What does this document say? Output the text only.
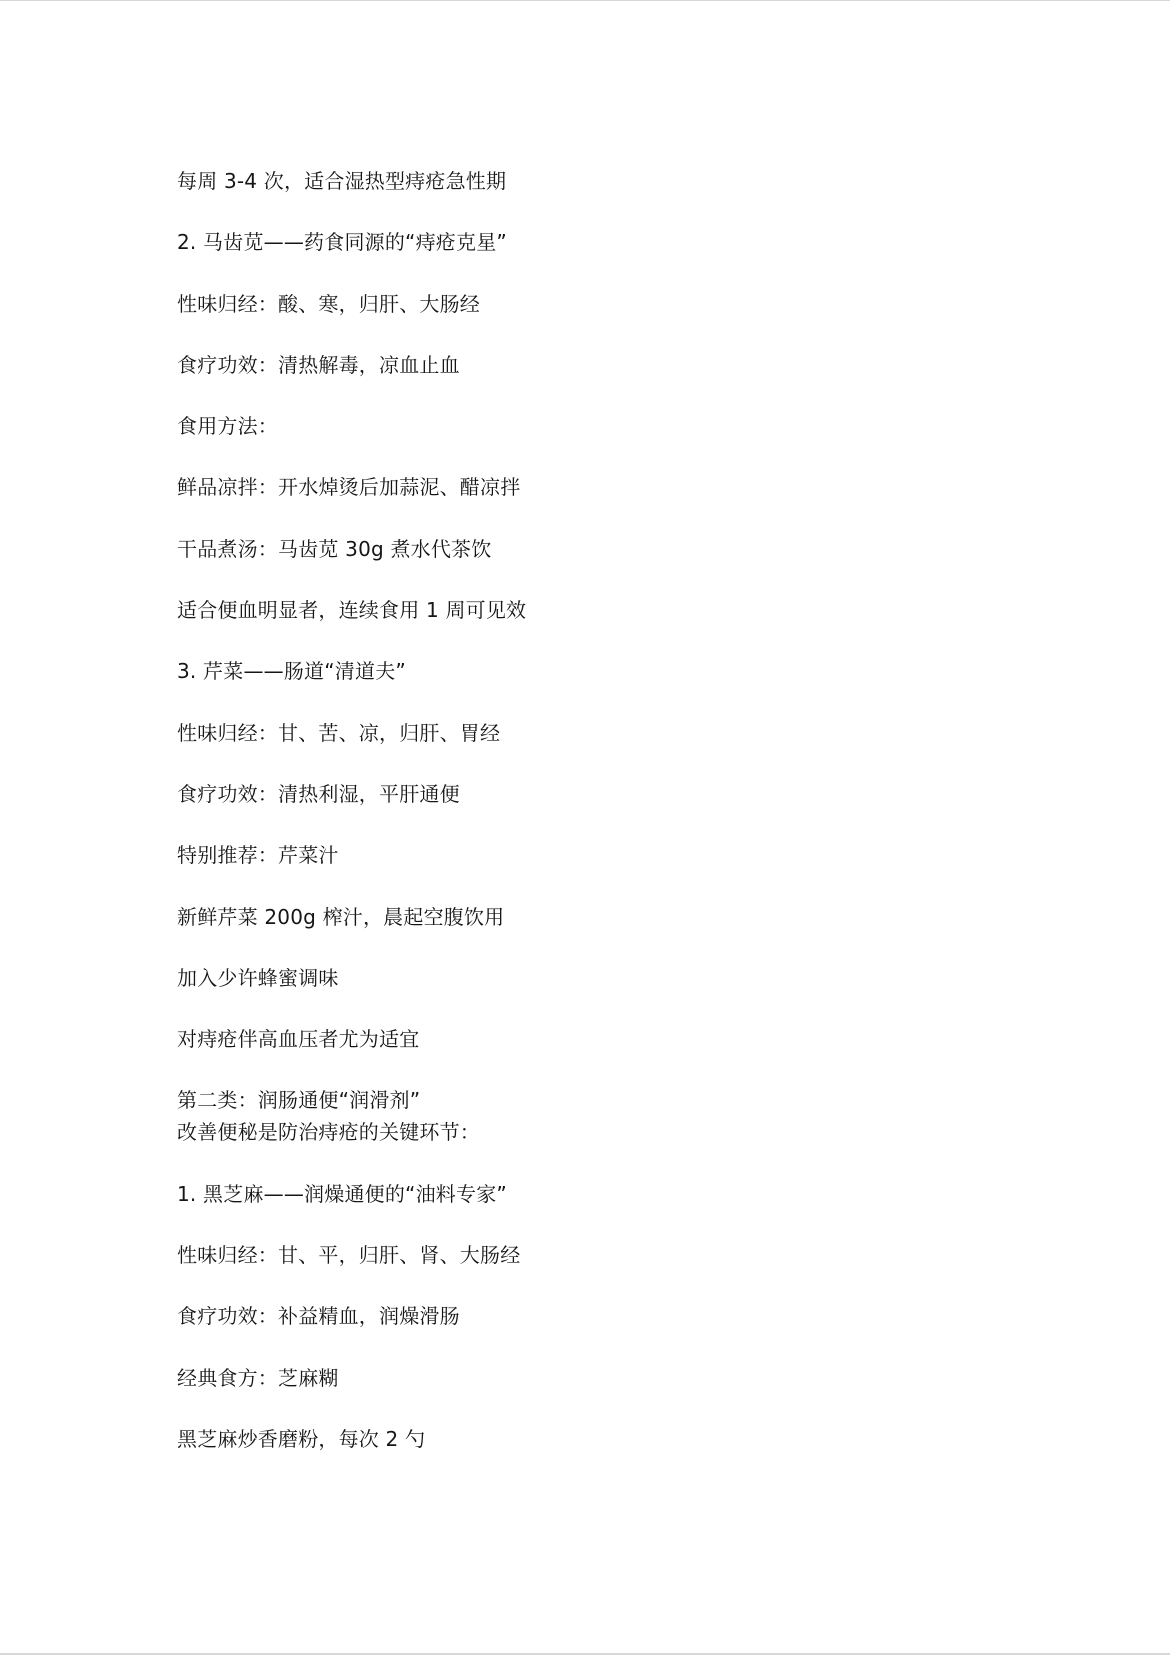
每周 3-4 次，适合湿热型痔疮急性期
2. 马齿苋——药食同源的“痔疮克星”
性味归经：酸、寒，归肝、大肠经
食疗功效：清热解毒，凉血止血
食用方法：
鲜品凉拌：开水焯烫后加蒜泥、醋凉拌
干品煮汤：马齿苋 30g 煮水代茶饮
适合便血明显者，连续食用 1 周可见效
3. 芹菜——肠道“清道夫”
性味归经：甘、苦、凉，归肝、胃经
食疗功效：清热利湿，平肝通便
特别推荐：芹菜汁
新鲜芹菜 200g 榨汁，晨起空腹饮用
加入少许蜂蜜调味
对痔疮伴高血压者尤为适宜
第二类：润肠通便“润滑剂”
改善便秘是防治痔疮的关键环节：
1. 黑芝麻——润燥通便的“油料专家”
性味归经：甘、平，归肝、肾、大肠经
食疗功效：补益精血，润燥滑肠
经典食方：芝麻糊
黑芝麻炒香磨粉，每次 2 勺
